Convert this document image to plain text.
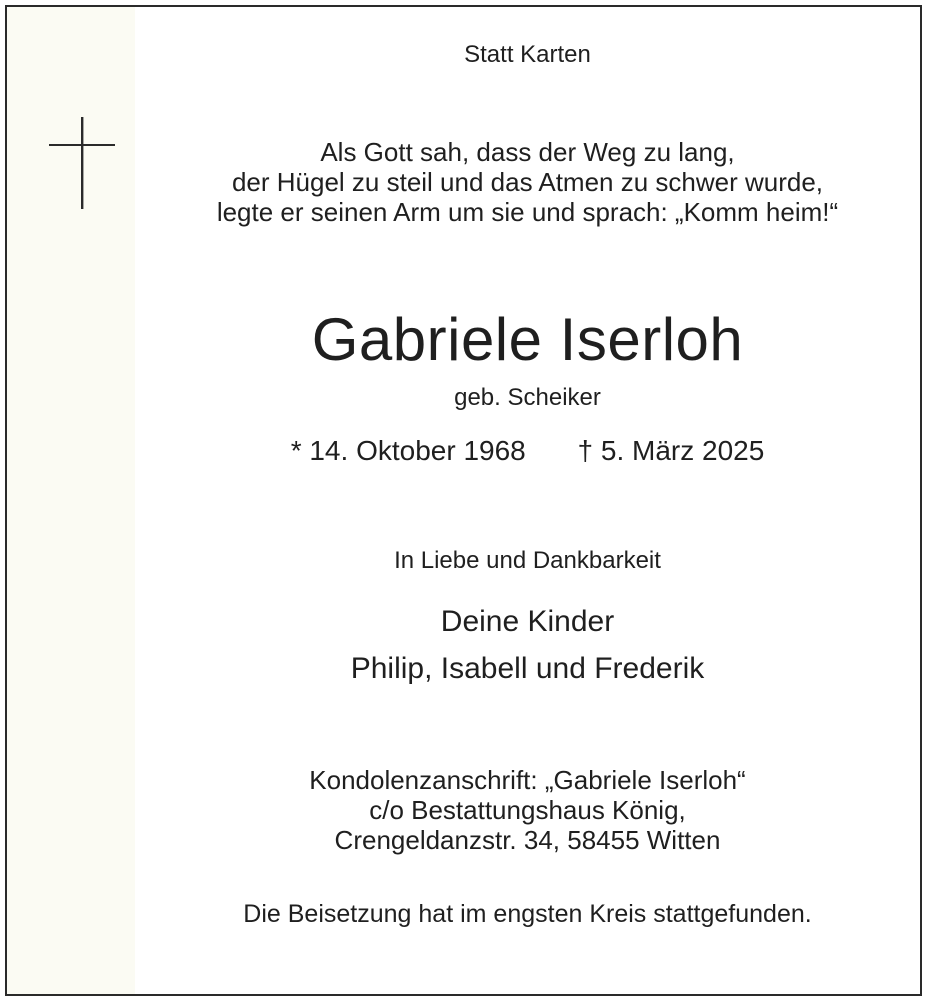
Statt Karten
Als Gott sah, dass der Weg zu lang,
der Hügel zu steil und das Atmen zu schwer wurde,
legte er seinen Arm um sie und sprach: „Komm heim!“
Gabriele Iserloh
geb. Scheiker
* 14. Oktober 1968 † 5. März 2025
In Liebe und Dankbarkeit
Deine Kinder
Philip, Isabell und Frederik
Kondolenzanschrift: „Gabriele Iserloh“
c/o Bestattungshaus König,
Crengeldanzstr. 34, 58455 Witten
Die Beisetzung hat im engsten Kreis stattgefunden.
